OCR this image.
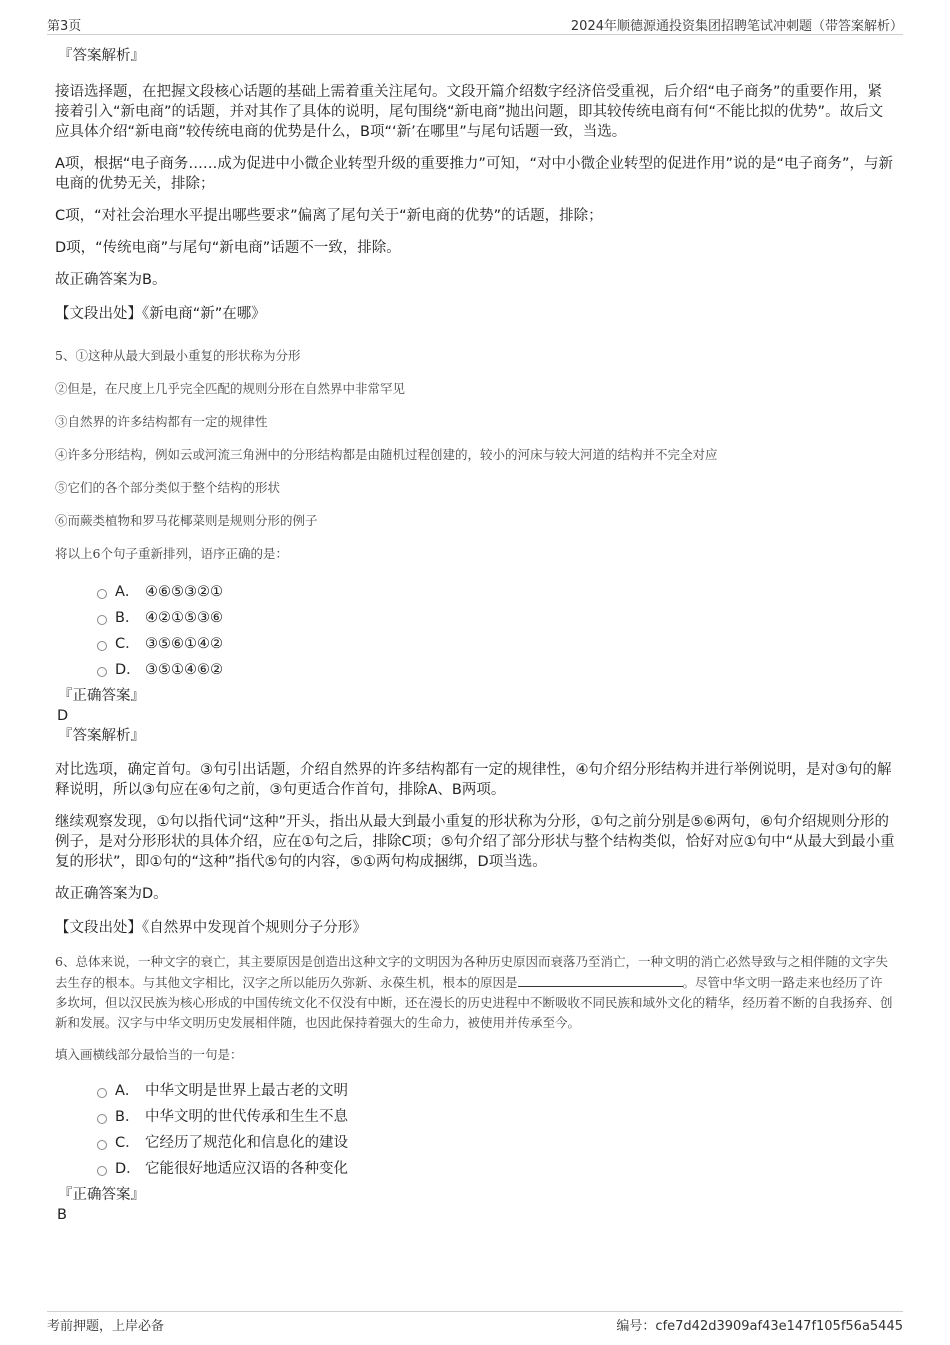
第3页	2024年顺德源通投资集团招聘笔试冲刺题（带答案解析）

『答案解析』

接语选择题，在把握文段核心话题的基础上需着重关注尾句。文段开篇介绍数字经济倍受重视，后介绍“电子商务”的重要作用，紧接着引入“新电商”的话题，并对其作了具体的说明，尾句围绕“新电商”抛出问题，即其较传统电商有何“不能比拟的优势”。故后文应具体介绍“新电商”较传统电商的优势是什么，B项“‘新’在哪里”与尾句话题一致，当选。

A项，根据“电子商务……成为促进中小微企业转型升级的重要推力”可知，“对中小微企业转型的促进作用”说的是“电子商务”，与新电商的优势无关，排除；

C项，“对社会治理水平提出哪些要求”偏离了尾句关于“新电商的优势”的话题，排除；

D项，“传统电商”与尾句“新电商”话题不一致，排除。

故正确答案为B。

【文段出处】《新电商“新”在哪》

5、①这种从最大到最小重复的形状称为分形

②但是，在尺度上几乎完全匹配的规则分形在自然界中非常罕见

③自然界的许多结构都有一定的规律性

④许多分形结构，例如云或河流三角洲中的分形结构都是由随机过程创建的，较小的河床与较大河道的结构并不完全对应

⑤它们的各个部分类似于整个结构的形状

⑥而蕨类植物和罗马花椰菜则是规则分形的例子

将以上6个句子重新排列，语序正确的是：

A． ④⑥⑤③②①
B． ④②①⑤③⑥
C． ③⑤⑥①④②
D． ③⑤①④⑥②

『正确答案』

D

『答案解析』

对比选项，确定首句。③句引出话题，介绍自然界的许多结构都有一定的规律性，④句介绍分形结构并进行举例说明，是对③句的解释说明，所以③句应在④句之前，③句更适合作首句，排除A、B两项。

继续观察发现，①句以指代词“这种”开头，指出从最大到最小重复的形状称为分形，①句之前分别是⑤⑥两句，⑥句介绍规则分形的例子，是对分形形状的具体介绍，应在①句之后，排除C项；⑤句介绍了部分形状与整个结构类似，恰好对应①句中“从最大到最小重复的形状”，即①句的“这种”指代⑤句的内容，⑤①两句构成捆绑，D项当选。

故正确答案为D。

【文段出处】《自然界中发现首个规则分子分形》

6、总体来说，一种文字的衰亡，其主要原因是创造出这种文字的文明因为各种历史原因而衰落乃至消亡，一种文明的消亡必然导致与之相伴随的文字失去生存的根本。与其他文字相比，汉字之所以能历久弥新、永葆生机，根本的原因是	。尽管中华文明一路走来也经历了许多坎坷，但以汉民族为核心形成的中国传统文化不仅没有中断，还在漫长的历史进程中不断吸收不同民族和域外文化的精华，经历着不断的自我扬弃、创新和发展。汉字与中华文明历史发展相伴随，也因此保持着强大的生命力，被使用并传承至今。

填入画横线部分最恰当的一句是：

A． 中华文明是世界上最古老的文明
B． 中华文明的世代传承和生生不息
C． 它经历了规范化和信息化的建设
D． 它能很好地适应汉语的各种变化

『正确答案』

B

考前押题，上岸必备	编号：cfe7d42d3909af43e147f105f56a5445
